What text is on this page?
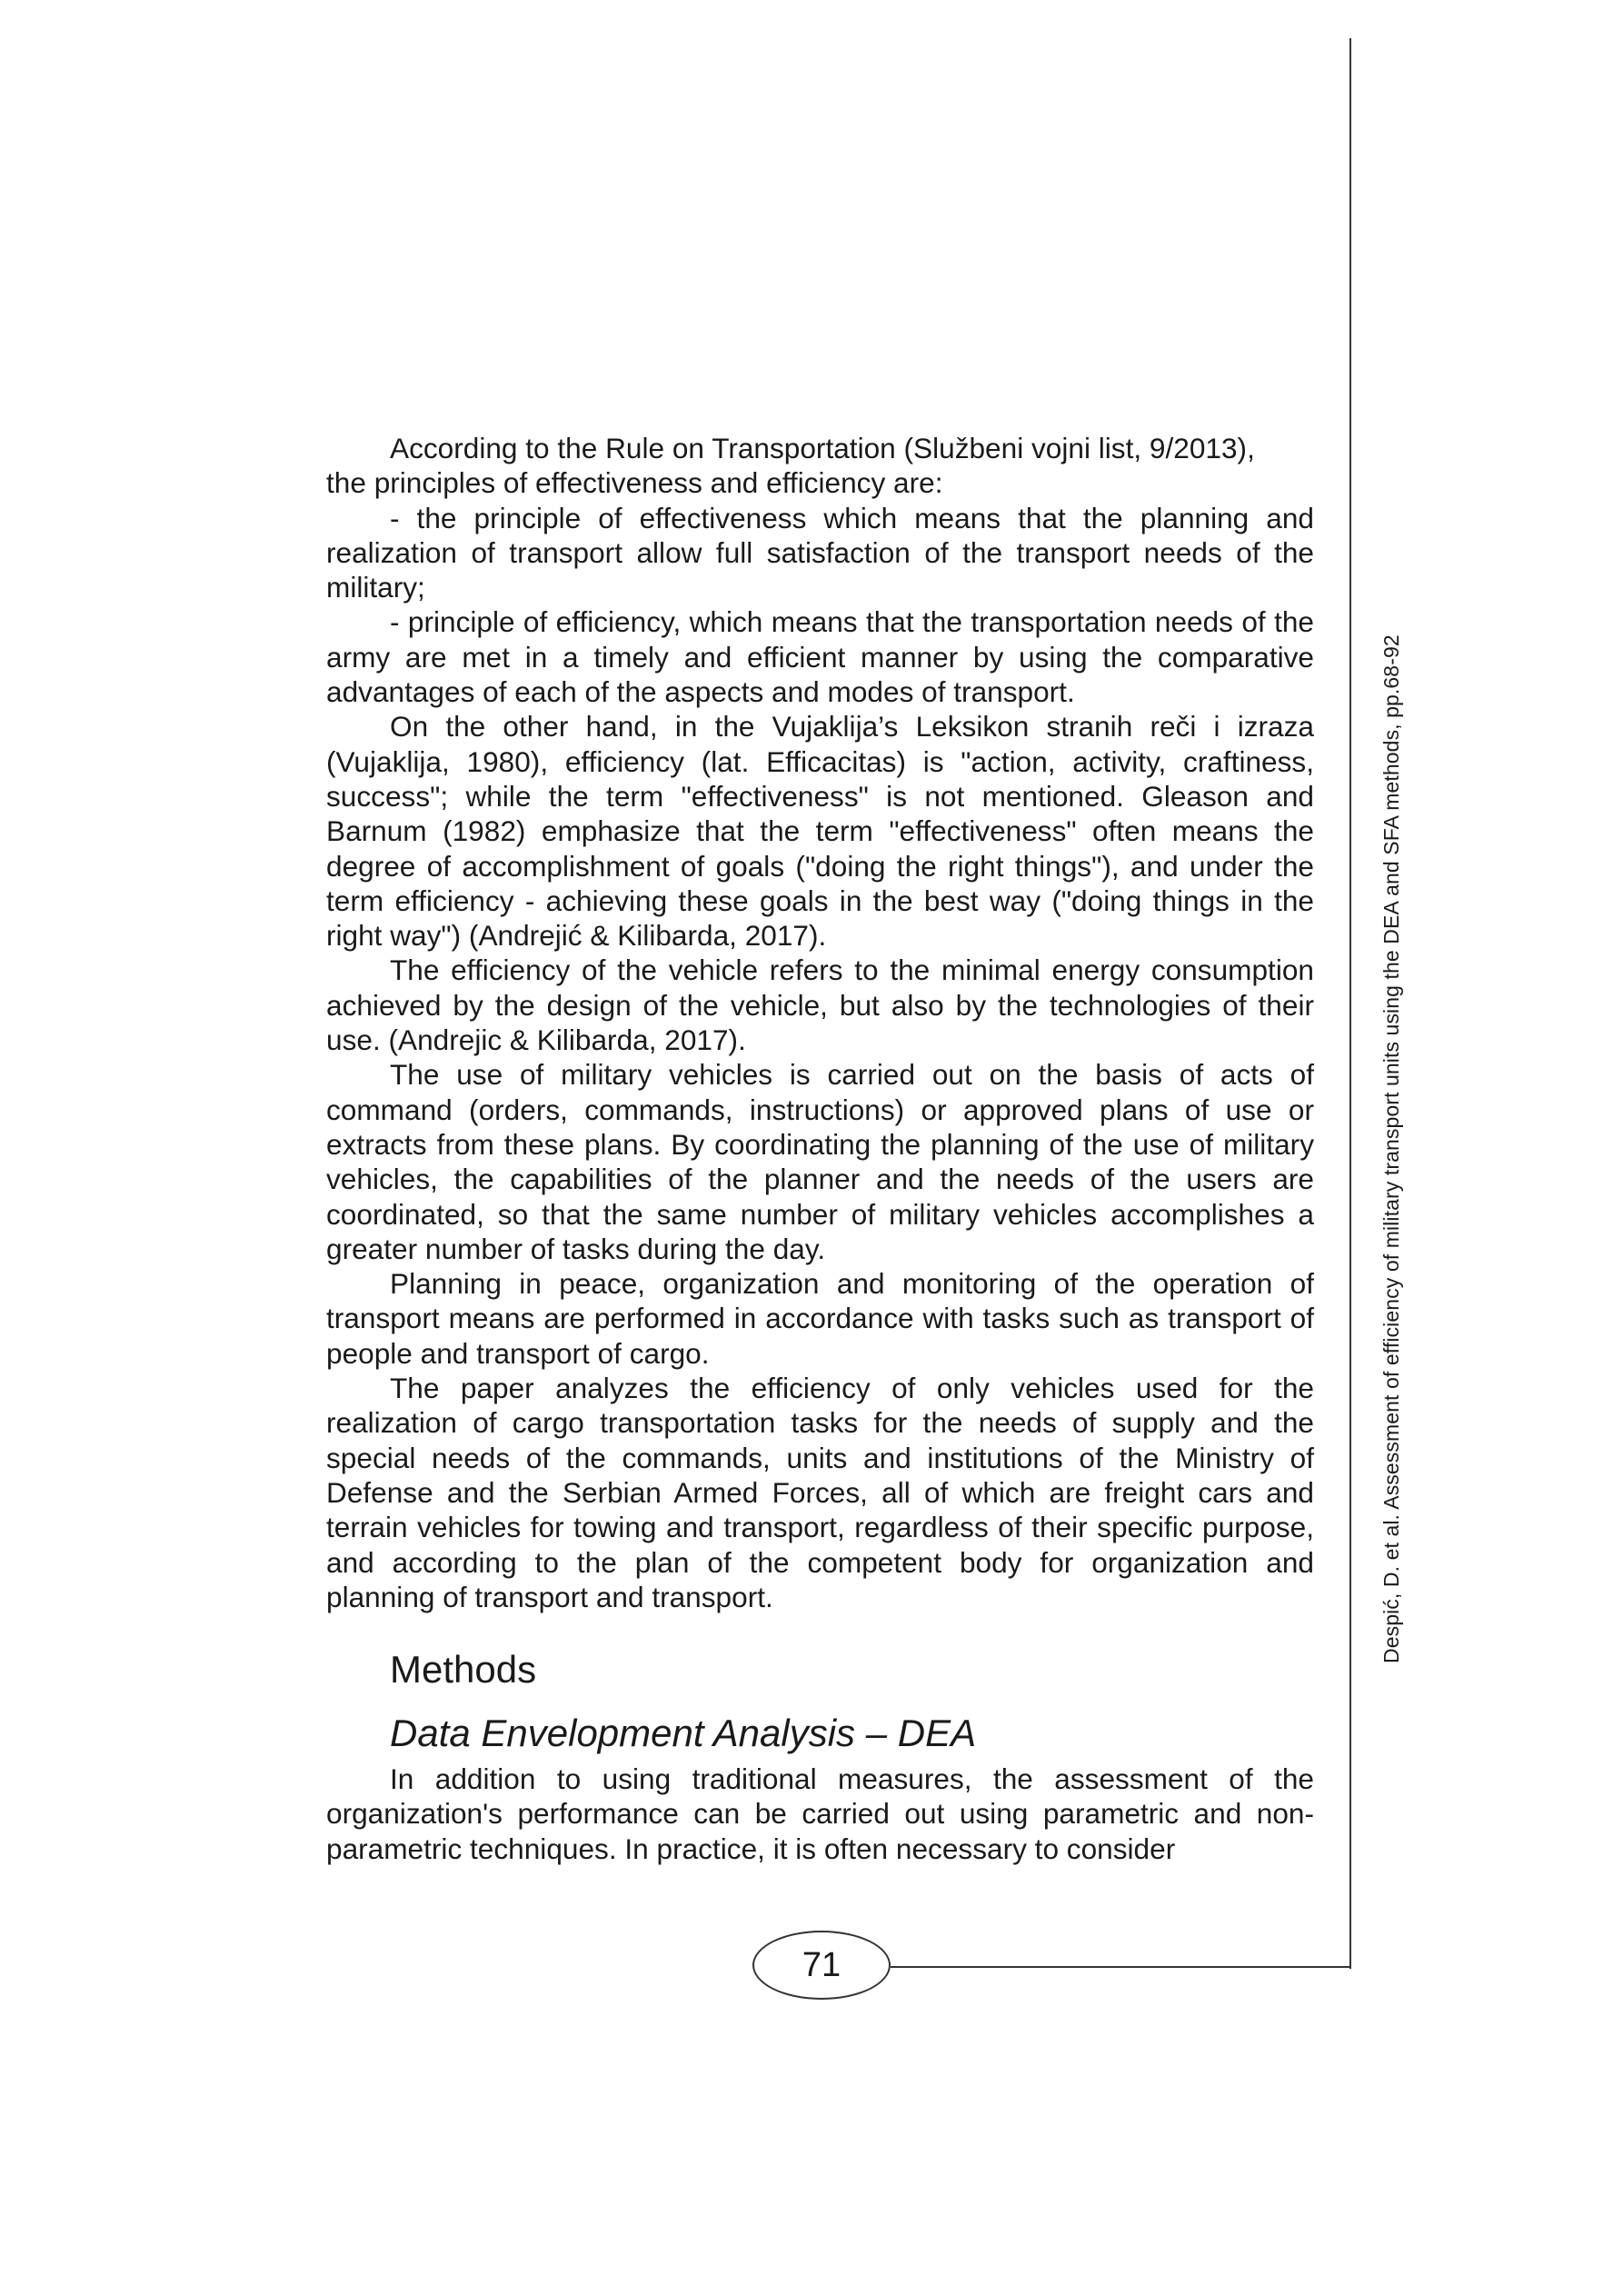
Despić, D. et al. Assessment of efficiency of military transport units using the DEA and SFA methods, pp.68-92

According to the Rule on Transportation (Službeni vojni list, 9/2013),

the principles of effectiveness and efficiency are:

- the principle of effectiveness which means that the planning and realization of transport allow full satisfaction of the transport needs of the military;

- principle of efficiency, which means that the transportation needs of the army are met in a timely and efficient manner by using the comparative advantages of each of the aspects and modes of transport.

On the other hand, in the Vujaklija’s Leksikon stranih reči i izraza (Vujaklija, 1980), efficiency (lat. Efficacitas) is "action, activity, craftiness, success"; while the term "effectiveness" is not mentioned. Gleason and Barnum (1982) emphasize that the term "effectiveness" often means the degree of accomplishment of goals ("doing the right things"), and under the term efficiency - achieving these goals in the best way ("doing things in the right way") (Andrejić & Kilibarda, 2017).

The efficiency of the vehicle refers to the minimal energy consumption achieved by the design of the vehicle, but also by the technologies of their use. (Andrejic & Kilibarda, 2017).

The use of military vehicles is carried out on the basis of acts of command (orders, commands, instructions) or approved plans of use or extracts from these plans. By coordinating the planning of the use of military vehicles, the capabilities of the planner and the needs of the users are coordinated, so that the same number of military vehicles accomplishes a greater number of tasks during the day.

Planning in peace, organization and monitoring of the operation of transport means are performed in accordance with tasks such as transport of people and transport of cargo.

The paper analyzes the efficiency of only vehicles used for the realization of cargo transportation tasks for the needs of supply and the special needs of the commands, units and institutions of the Ministry of Defense and the Serbian Armed Forces, all of which are freight cars and terrain vehicles for towing and transport, regardless of their specific purpose, and according to the plan of the competent body for organization and planning of transport and transport.

Methods
Data Envelopment Analysis – DEA

In addition to using traditional measures, the assessment of the organization's performance can be carried out using parametric and non-parametric techniques. In practice, it is often necessary to consider

71
